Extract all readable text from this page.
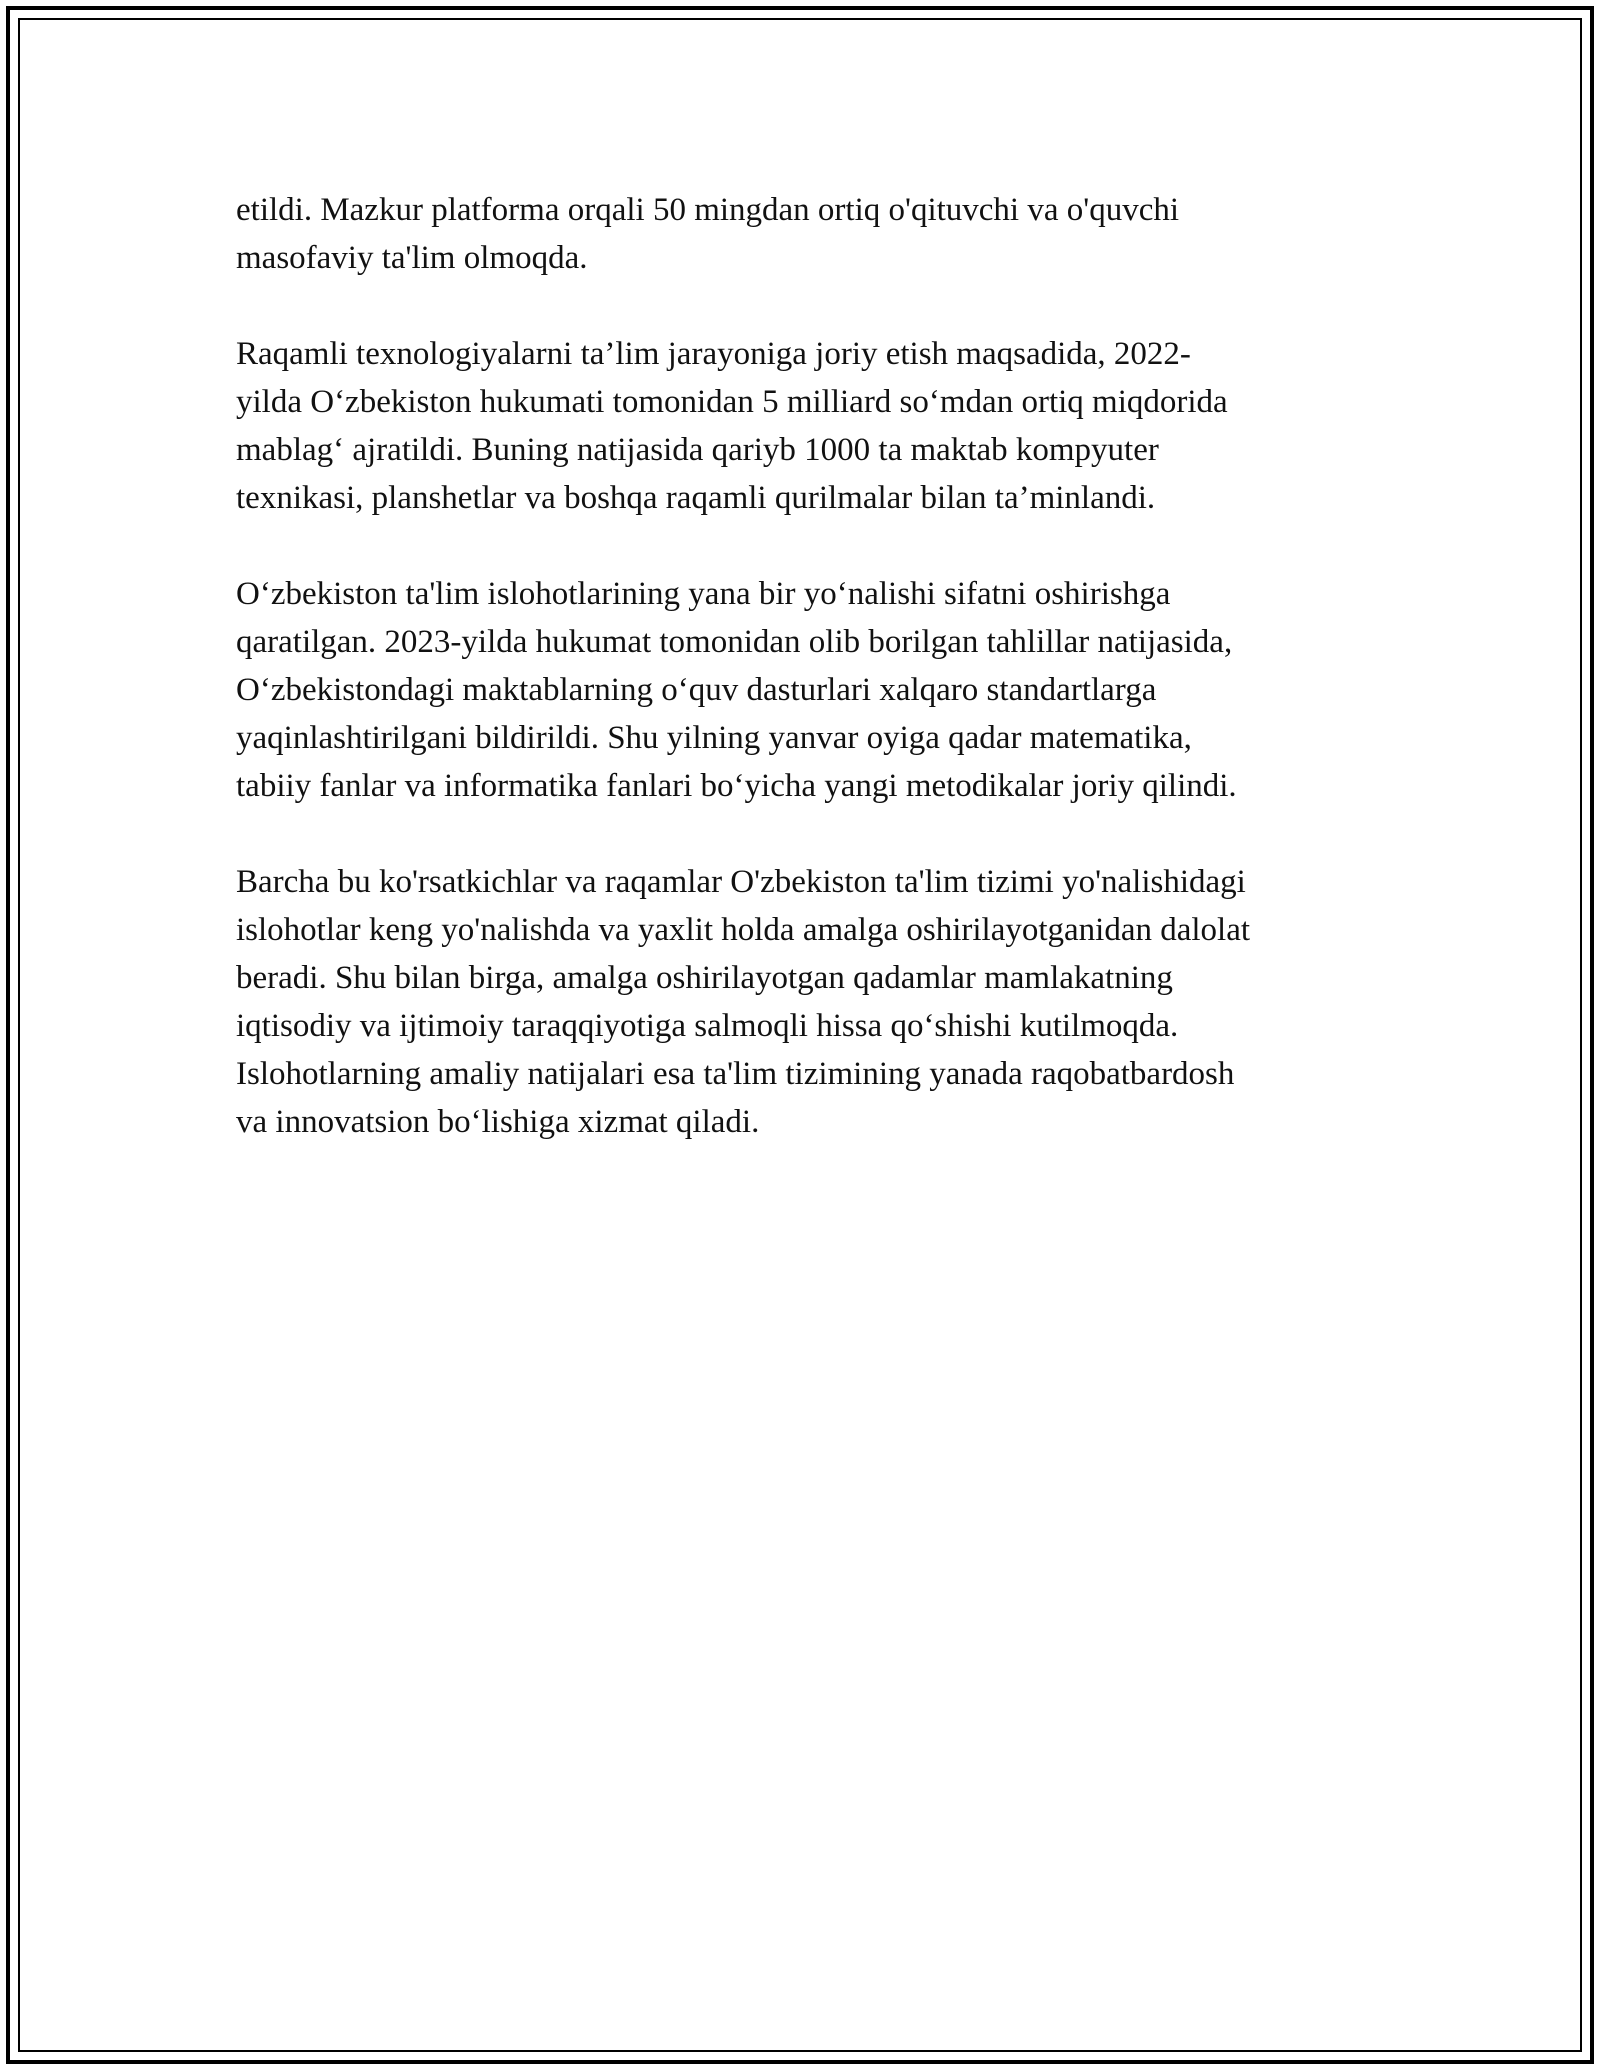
etildi. Mazkur platforma orqali 50 mingdan ortiq o'qituvchi va o'quvchi
masofaviy ta'lim olmoqda.

Raqamli texnologiyalarni ta’lim jarayoniga joriy etish maqsadida, 2022-
yilda O‘zbekiston hukumati tomonidan 5 milliard so‘mdan ortiq miqdorida
mablag‘ ajratildi. Buning natijasida qariyb 1000 ta maktab kompyuter
texnikasi, planshetlar va boshqa raqamli qurilmalar bilan ta’minlandi.

O‘zbekiston ta'lim islohotlarining yana bir yo‘nalishi sifatni oshirishga
qaratilgan. 2023-yilda hukumat tomonidan olib borilgan tahlillar natijasida,
O‘zbekistondagi maktablarning o‘quv dasturlari xalqaro standartlarga
yaqinlashtirilgani bildirildi. Shu yilning yanvar oyiga qadar matematika,
tabiiy fanlar va informatika fanlari bo‘yicha yangi metodikalar joriy qilindi.

Barcha bu ko'rsatkichlar va raqamlar O'zbekiston ta'lim tizimi yo'nalishidagi
islohotlar keng yo'nalishda va yaxlit holda amalga oshirilayotganidan dalolat
beradi. Shu bilan birga, amalga oshirilayotgan qadamlar mamlakatning
iqtisodiy va ijtimoiy taraqqiyotiga salmoqli hissa qo‘shishi kutilmoqda.
Islohotlarning amaliy natijalari esa ta'lim tizimining yanada raqobatbardosh
va innovatsion bo‘lishiga xizmat qiladi.
